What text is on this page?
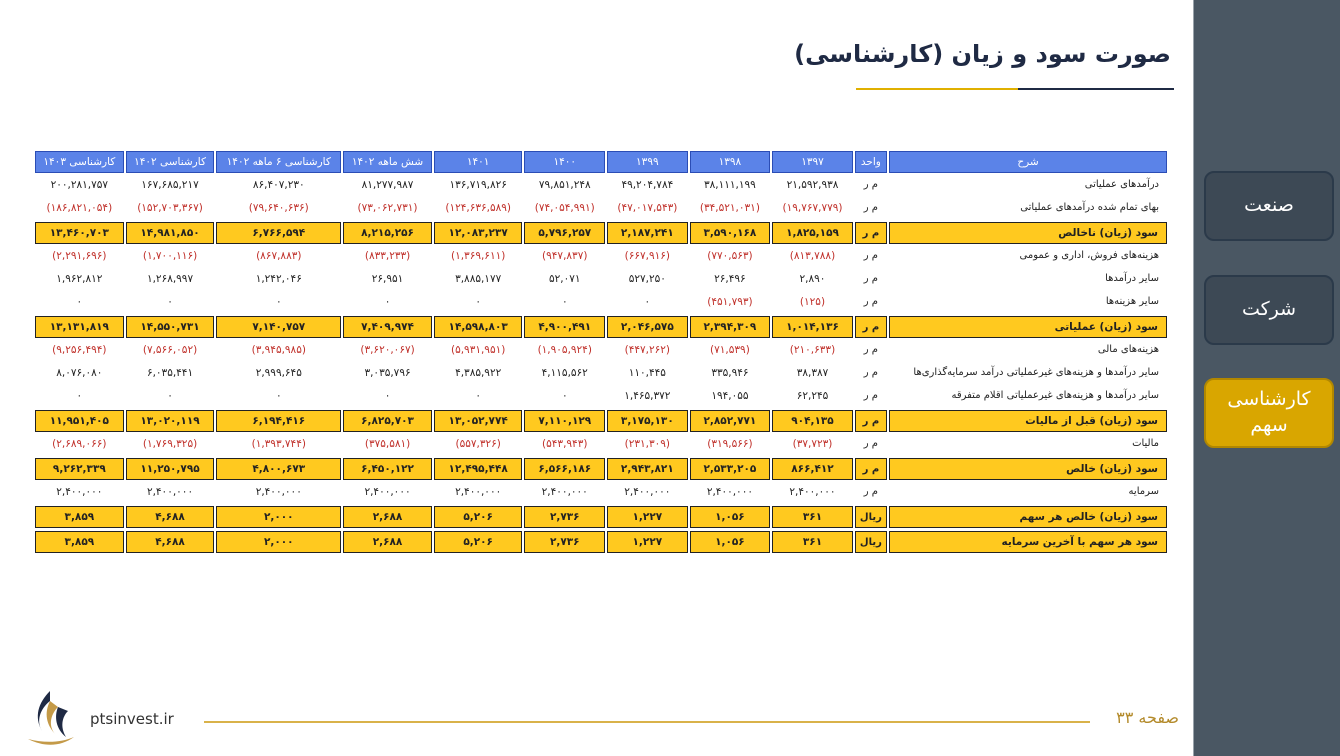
صورت سود و زیان (کارشناسی)
شرح	واحد	۱۳۹۷	۱۳۹۸	۱۳۹۹	۱۴۰۰	۱۴۰۱	شش ماهه ۱۴۰۲	کارشناسی ۶ ماهه ۱۴۰۲	کارشناسی ۱۴۰۲	کارشناسی ۱۴۰۳
درآمدهای عملیاتی	م ر	۲۱,۵۹۲,۹۳۸	۳۸,۱۱۱,۱۹۹	۴۹,۲۰۴,۷۸۴	۷۹,۸۵۱,۲۴۸	۱۳۶,۷۱۹,۸۲۶	۸۱,۲۷۷,۹۸۷	۸۶,۴۰۷,۲۳۰	۱۶۷,۶۸۵,۲۱۷	۲۰۰,۲۸۱,۷۵۷
بهای تمام شده درآمدهای عملیاتی	م ر	(۱۹,۷۶۷,۷۷۹)	(۳۴,۵۲۱,۰۳۱)	(۴۷,۰۱۷,۵۴۳)	(۷۴,۰۵۴,۹۹۱)	(۱۲۴,۶۳۶,۵۸۹)	(۷۳,۰۶۲,۷۳۱)	(۷۹,۶۴۰,۶۳۶)	(۱۵۲,۷۰۳,۳۶۷)	(۱۸۶,۸۲۱,۰۵۴)

سود (زیان) ناخالص	م ر	۱,۸۲۵,۱۵۹	۳,۵۹۰,۱۶۸	۲,۱۸۷,۲۴۱	۵,۷۹۶,۲۵۷	۱۲,۰۸۳,۲۳۷	۸,۲۱۵,۲۵۶	۶,۷۶۶,۵۹۴	۱۴,۹۸۱,۸۵۰	۱۳,۴۶۰,۷۰۳
هزینه‌های فروش، اداری و عمومی	م ر	(۸۱۳,۷۸۸)	(۷۷۰,۵۶۳)	(۶۶۷,۹۱۶)	(۹۴۷,۸۳۷)	(۱,۳۶۹,۶۱۱)	(۸۳۳,۲۳۳)	(۸۶۷,۸۸۳)	(۱,۷۰۰,۱۱۶)	(۲,۲۹۱,۶۹۶)
سایر درآمدها	م ر	۲,۸۹۰	۲۶,۴۹۶	۵۲۷,۲۵۰	۵۲,۰۷۱	۳,۸۸۵,۱۷۷	۲۶,۹۵۱	۱,۲۴۲,۰۴۶	۱,۲۶۸,۹۹۷	۱,۹۶۲,۸۱۲
سایر هزینه‌ها	م ر	(۱۲۵)	(۴۵۱,۷۹۳)	۰	۰	۰	۰	۰	۰	۰

سود (زیان) عملیاتی	م ر	۱,۰۱۴,۱۳۶	۲,۳۹۴,۳۰۹	۲,۰۴۶,۵۷۵	۴,۹۰۰,۴۹۱	۱۴,۵۹۸,۸۰۳	۷,۴۰۹,۹۷۴	۷,۱۴۰,۷۵۷	۱۴,۵۵۰,۷۳۱	۱۳,۱۳۱,۸۱۹
هزینه‌های مالی	م ر	(۲۱۰,۶۳۳)	(۷۱,۵۳۹)	(۴۴۷,۲۶۲)	(۱,۹۰۵,۹۲۴)	(۵,۹۳۱,۹۵۱)	(۳,۶۲۰,۰۶۷)	(۳,۹۴۵,۹۸۵)	(۷,۵۶۶,۰۵۲)	(۹,۲۵۶,۴۹۴)
سایر درآمدها و هزینه‌های غیرعملیاتی درآمد سرمایه‌گذاری‌ها	م ر	۳۸,۳۸۷	۳۳۵,۹۴۶	۱۱۰,۴۴۵	۴,۱۱۵,۵۶۲	۴,۳۸۵,۹۲۲	۳,۰۳۵,۷۹۶	۲,۹۹۹,۶۴۵	۶,۰۳۵,۴۴۱	۸,۰۷۶,۰۸۰
سایر درآمدها و هزینه‌های غیرعملیاتی اقلام متفرقه	م ر	۶۲,۲۴۵	۱۹۴,۰۵۵	۱,۴۶۵,۳۷۲	۰	۰	۰	۰	۰	۰

سود (زیان) قبل از مالیات	م ر	۹۰۴,۱۳۵	۲,۸۵۲,۷۷۱	۳,۱۷۵,۱۳۰	۷,۱۱۰,۱۲۹	۱۳,۰۵۲,۷۷۴	۶,۸۲۵,۷۰۳	۶,۱۹۴,۴۱۶	۱۳,۰۲۰,۱۱۹	۱۱,۹۵۱,۴۰۵
مالیات	م ر	(۳۷,۷۲۳)	(۳۱۹,۵۶۶)	(۲۳۱,۳۰۹)	(۵۴۳,۹۴۳)	(۵۵۷,۳۲۶)	(۳۷۵,۵۸۱)	(۱,۳۹۳,۷۴۴)	(۱,۷۶۹,۳۲۵)	(۲,۶۸۹,۰۶۶)

سود (زیان) خالص	م ر	۸۶۶,۴۱۲	۲,۵۳۳,۲۰۵	۲,۹۴۳,۸۲۱	۶,۵۶۶,۱۸۶	۱۲,۴۹۵,۴۴۸	۶,۴۵۰,۱۲۲	۴,۸۰۰,۶۷۳	۱۱,۲۵۰,۷۹۵	۹,۲۶۲,۳۳۹
سرمایه	م ر	۲,۴۰۰,۰۰۰	۲,۴۰۰,۰۰۰	۲,۴۰۰,۰۰۰	۲,۴۰۰,۰۰۰	۲,۴۰۰,۰۰۰	۲,۴۰۰,۰۰۰	۲,۴۰۰,۰۰۰	۲,۴۰۰,۰۰۰	۲,۴۰۰,۰۰۰

سود (زیان) خالص هر سهم	ریال	۳۶۱	۱,۰۵۶	۱,۲۲۷	۲,۷۳۶	۵,۲۰۶	۲,۶۸۸	۲,۰۰۰	۴,۶۸۸	۳,۸۵۹

سود هر سهم با آخرین سرمایه	ریال	۳۶۱	۱,۰۵۶	۱,۲۲۷	۲,۷۳۶	۵,۲۰۶	۲,۶۸۸	۲,۰۰۰	۴,۶۸۸	۳,۸۵۹
ptsinvest.ir	صفحه ۳۳
صنعت
شرکت
کارشناسی سهم
